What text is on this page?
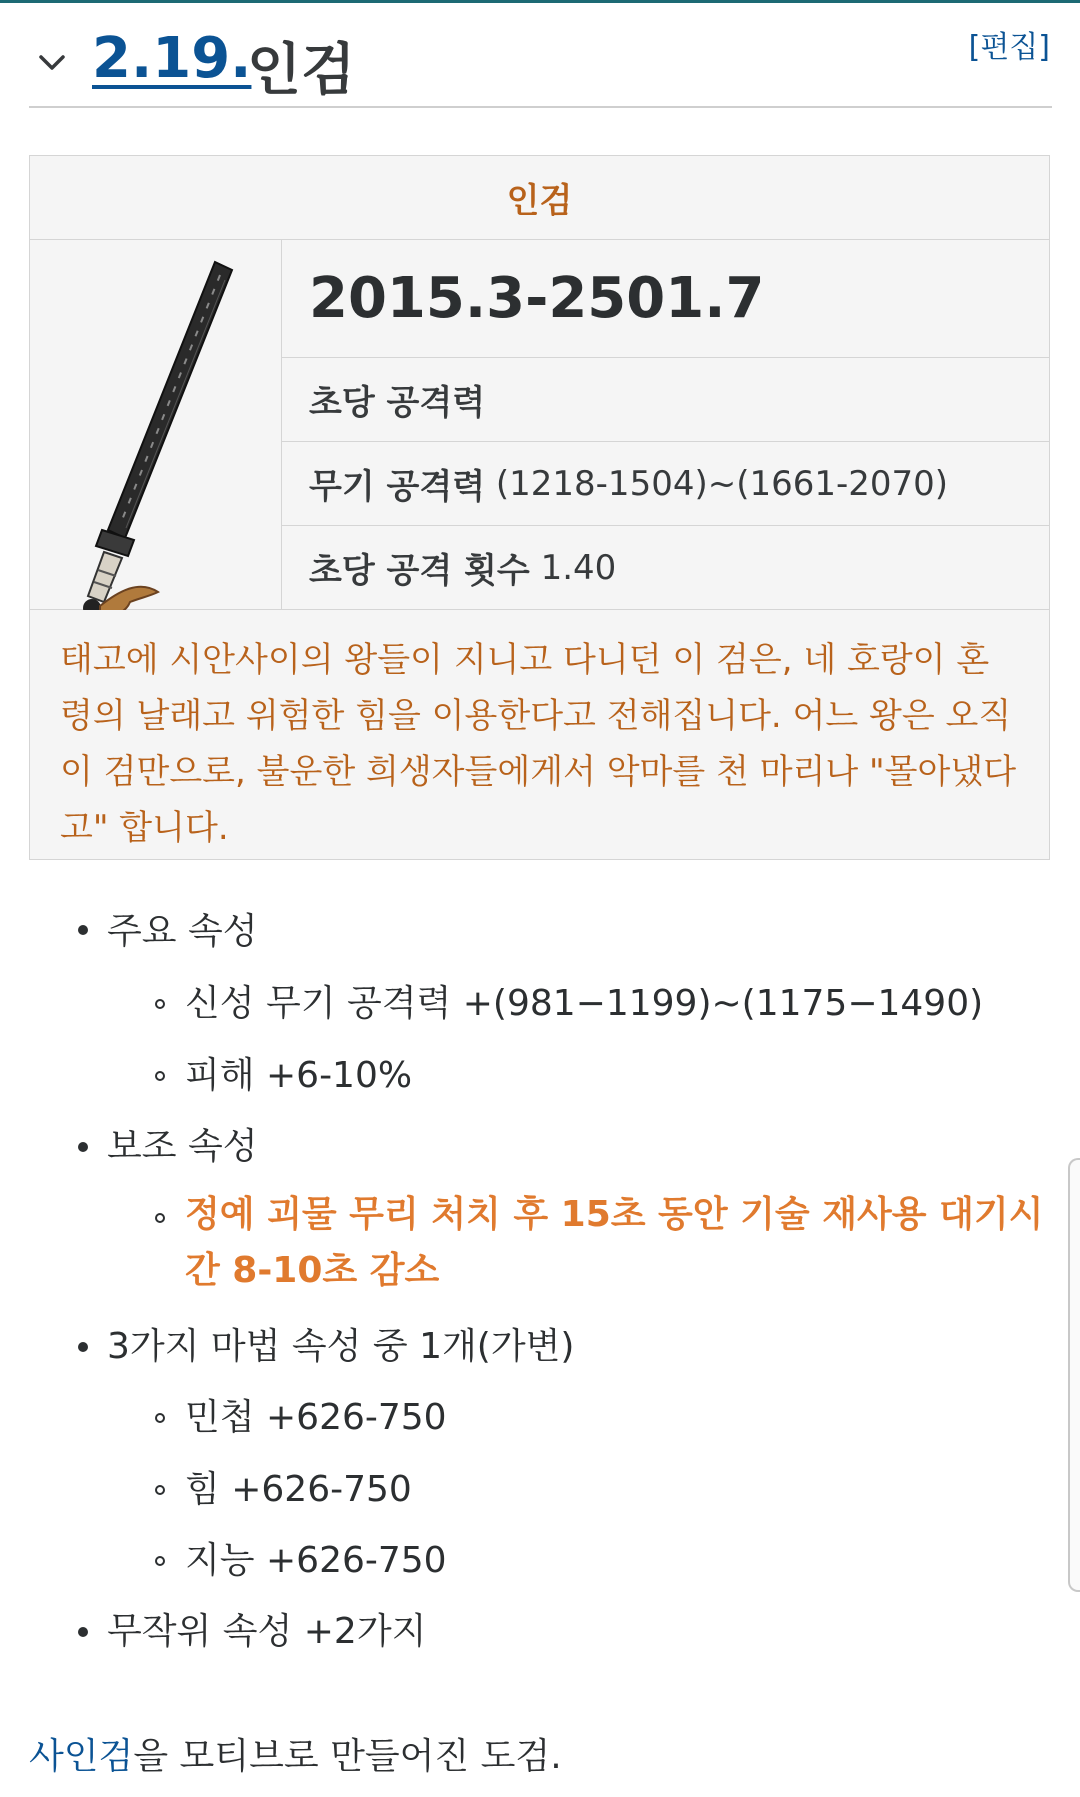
2.19.
인검	[편집]
인검
2015.3-2501.7
초당 공격력
무기 공격력
(1218-1504)~(1661-2070)
초당 공격 횟수
1.40
태고에 시안사이의 왕들이 지니고 다니던 이 검은, 네 호랑이 혼령의 날래고 위험한 힘을 이용한다고 전해집니다. 어느 왕은 오직 이 검만으로, 불운한 희생자들에게서 악마를 천 마리나 "몰아냈다고" 합니다.
주요 속성
신성 무기 공격력 +(981−1199)~(1175−1490)
피해 +6-10%
보조 속성
정예 괴물 무리 처치 후 15초 동안 기술 재사용 대기시간 8-10초 감소
3가지 마법 속성 중 1개(가변)
민첩 +626-750
힘 +626-750
지능 +626-750
무작위 속성 +2가지
사인검을 모티브로 만들어진 도검.
